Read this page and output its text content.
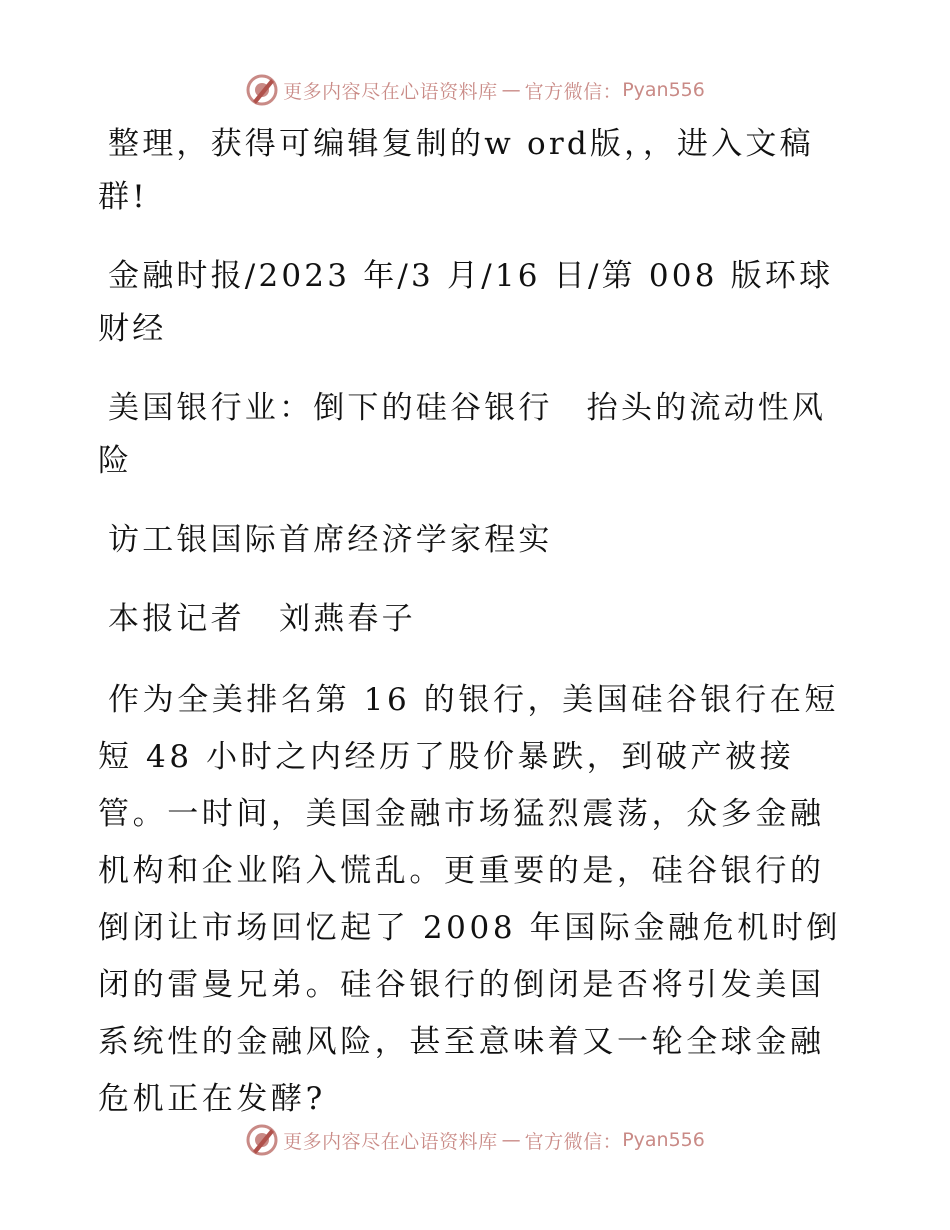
更多内容尽在心语资料库 — 官方微信： Pyan556

整理，获得可编辑复制的w ord版，，进入文稿群!

金融时报/2023 年/3 月/16 日/第 008 版环球财经

美国银行业：倒下的硅谷银行　抬头的流动性风险

访工银国际首席经济学家程实

本报记者　刘燕春子

作为全美排名第 16 的银行，美国硅谷银行在短短 48 小时之内经历了股价暴跌，到破产被接管。一时间，美国金融市场猛烈震荡，众多金融机构和企业陷入慌乱。更重要的是，硅谷银行的倒闭让市场回忆起了 2008 年国际金融危机时倒闭的雷曼兄弟。硅谷银行的倒闭是否将引发美国系统性的金融风险，甚至意味着又一轮全球金融危机正在发酵?

更多内容尽在心语资料库 — 官方微信： Pyan556
